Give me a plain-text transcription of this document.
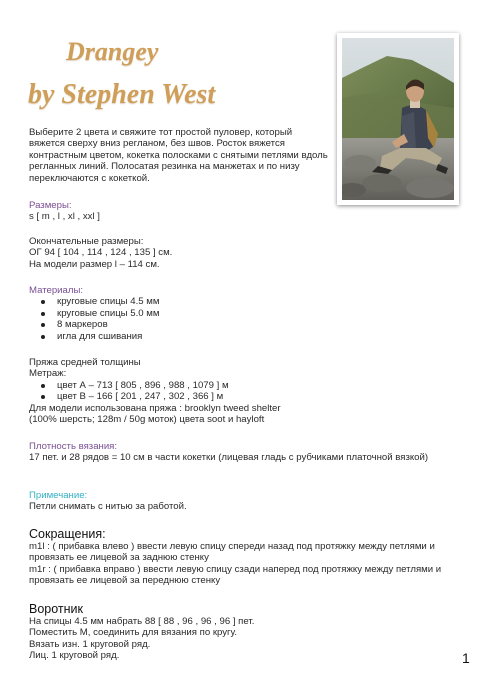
Drangey
by Stephen West

Выберите 2 цвета и свяжите тот простой пуловер, который вяжется сверху вниз регланом, без швов. Росток вяжется контрастным цветом, кокетка полосками с снятыми петлями вдоль регланных линий. Полосатая резинка на манжетах и по низу переключаются с кокеткой.

Размеры:
s [ m , l , xl , xxl ]
Окончательные размеры:
ОГ 94 [ 104 , 114 , 124 , 135 ] см.
На модели размер l – 114 см.
Материалы:
круговые спицы 4.5 мм
круговые спицы 5.0 мм
8 маркеров
игла для сшивания
Пряжа средней толщины
Метраж:
цвет А – 713 [ 805 , 896 , 988 , 1079 ] м
цвет В – 166 [ 201 , 247 , 302 , 366 ] м
Для модели использована пряжа : brooklyn tweed shelter
(100% шерсть; 128m / 50g моток) цвета soot и hayloft
Плотность вязания:
17 пет. и 28 рядов = 10 см в части кокетки (лицевая гладь с рубчиками платочной вязкой)
Примечание:
Петли снимать с нитью за работой.
Сокращения:
m1l : ( прибавка влево ) ввести левую спицу спереди назад под протяжку между петлями и провязать ее лицевой за заднюю стенку
m1r : ( прибавка вправо ) ввести левую спицу сзади наперед под протяжку между петлями и провязать ее лицевой за переднюю стенку
Воротник
На спицы 4.5 мм набрать 88 [ 88 , 96 , 96 , 96 ] пет.
Поместить М, соединить для вязания по кругу.
Вязать изн. 1 круговой ряд.
Лиц. 1 круговой ряд.	1
